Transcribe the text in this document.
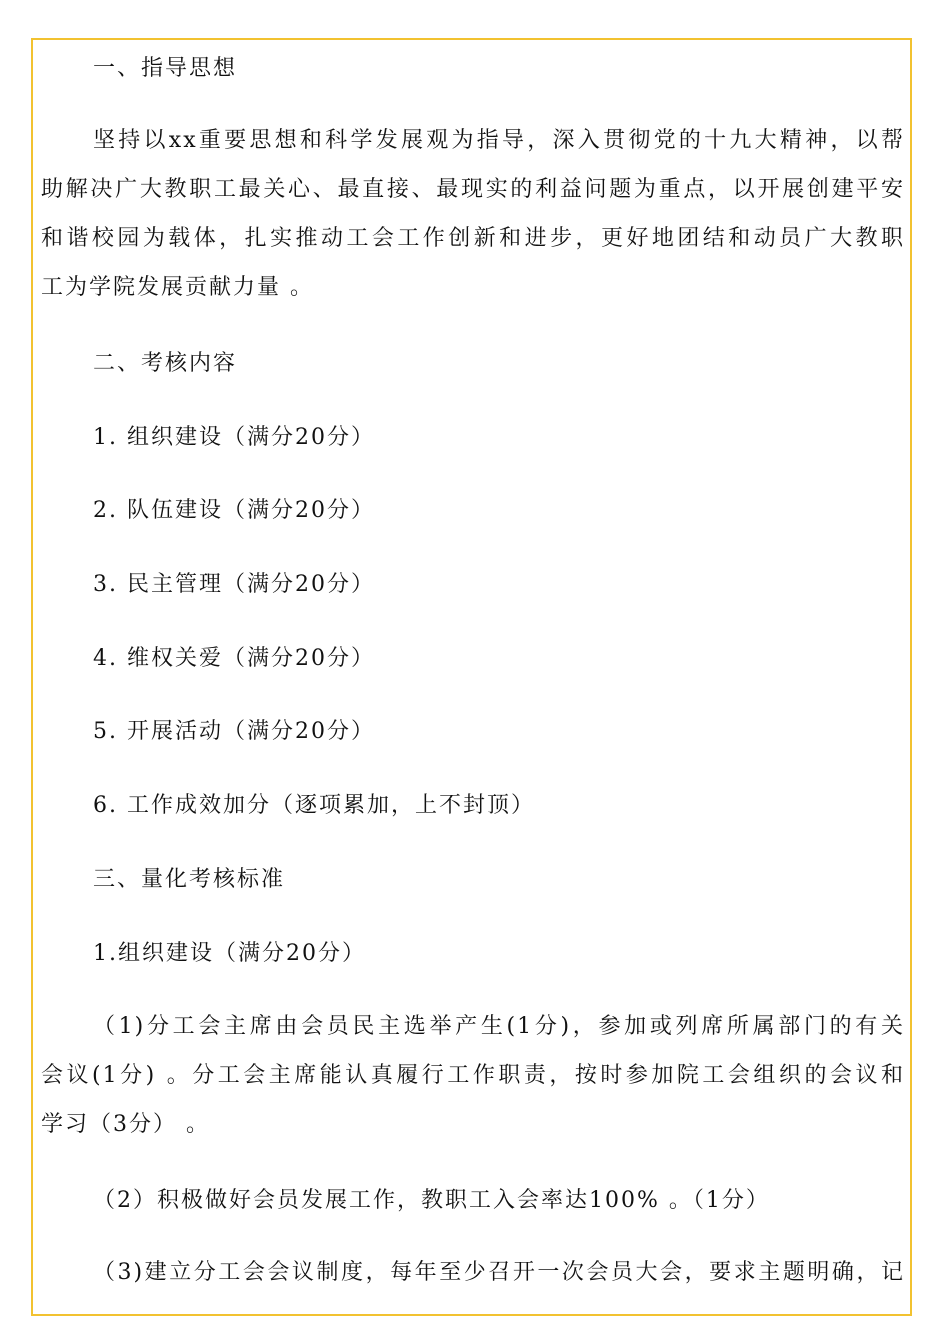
一、指导思想
坚持以xx重要思想和科学发展观为指导，深入贯彻党的十九大精神，以帮
助解决广大教职工最关心、最直接、最现实的利益问题为重点，以开展创建平安
和谐校园为载体，扎实推动工会工作创新和进步，更好地团结和动员广大教职
工为学院发展贡献力量 。
二、考核内容
1. 组织建设（满分20分）
2. 队伍建设（满分20分）
3. 民主管理（满分20分）
4. 维权关爱（满分20分）
5. 开展活动（满分20分）
6. 工作成效加分（逐项累加，上不封顶）
三、量化考核标准
1.组织建设（满分20分）
（1)分工会主席由会员民主选举产生(1分)，参加或列席所属部门的有关
会议(1分) 。分工会主席能认真履行工作职责，按时参加院工会组织的会议和
学习（3分） 。
（2）积极做好会员发展工作，教职工入会率达100% 。（1分）
（3)建立分工会会议制度，每年至少召开一次会员大会，要求主题明确，记
